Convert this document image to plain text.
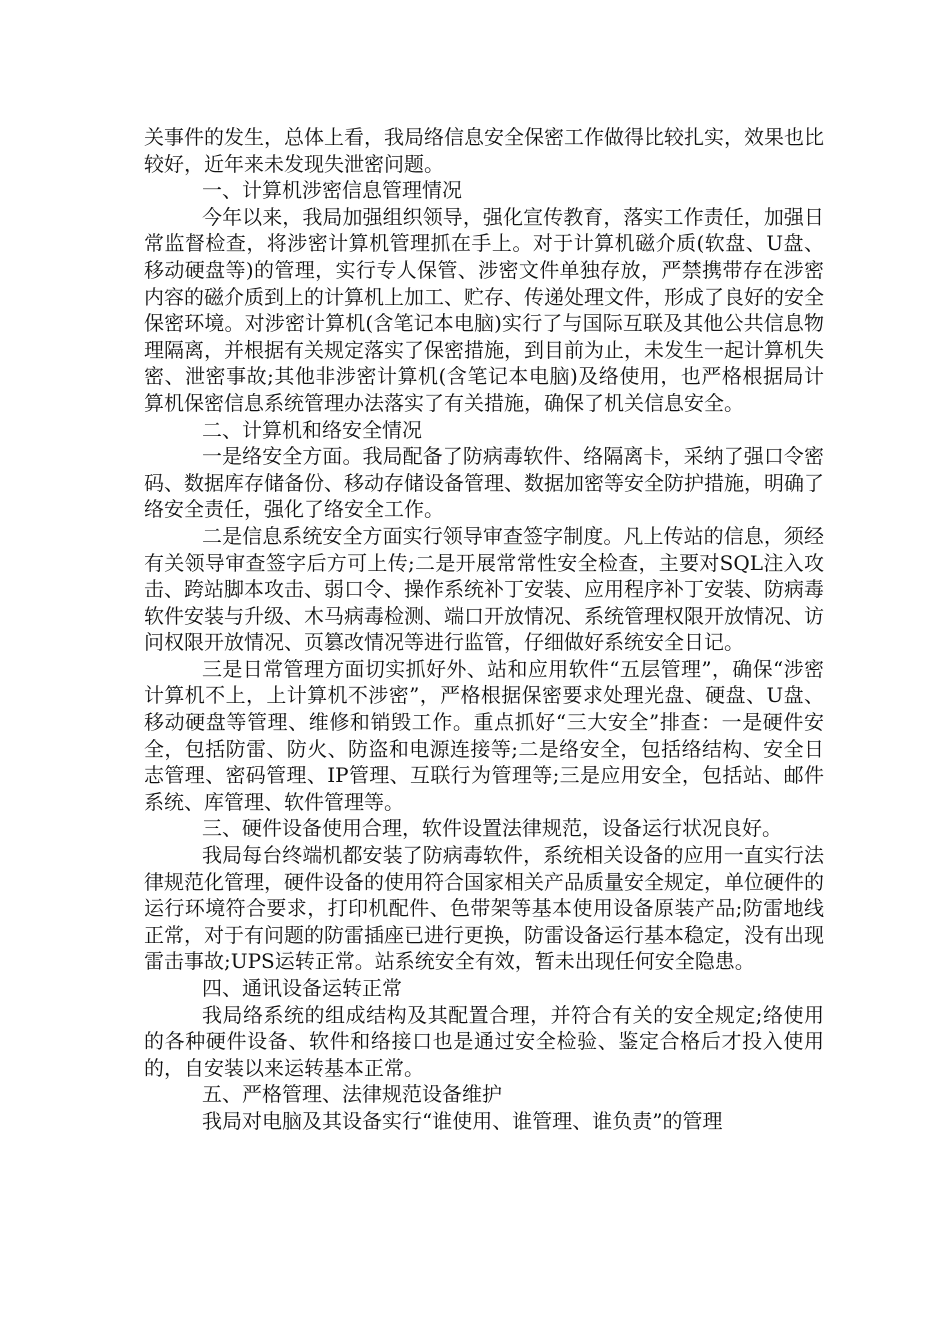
关事件的发生，总体上看，我局络信息安全保密工作做得比较扎实，效果也比较好，近年来未发现失泄密问题。

一、计算机涉密信息管理情况

今年以来，我局加强组织领导，强化宣传教育，落实工作责任，加强日常监督检查，将涉密计算机管理抓在手上。对于计算机磁介质(软盘、U盘、移动硬盘等)的管理，实行专人保管、涉密文件单独存放，严禁携带存在涉密内容的磁介质到上的计算机上加工、贮存、传递处理文件，形成了良好的安全保密环境。对涉密计算机(含笔记本电脑)实行了与国际互联及其他公共信息物理隔离，并根据有关规定落实了保密措施，到目前为止，未发生一起计算机失密、泄密事故;其他非涉密计算机(含笔记本电脑)及络使用，也严格根据局计算机保密信息系统管理办法落实了有关措施，确保了机关信息安全。

二、计算机和络安全情况

一是络安全方面。我局配备了防病毒软件、络隔离卡，采纳了强口令密码、数据库存储备份、移动存储设备管理、数据加密等安全防护措施，明确了络安全责任，强化了络安全工作。

二是信息系统安全方面实行领导审查签字制度。凡上传站的信息，须经有关领导审查签字后方可上传;二是开展常常性安全检查，主要对SQL注入攻击、跨站脚本攻击、弱口令、操作系统补丁安装、应用程序补丁安装、防病毒软件安装与升级、木马病毒检测、端口开放情况、系统管理权限开放情况、访问权限开放情况、页篡改情况等进行监管，仔细做好系统安全日记。

三是日常管理方面切实抓好外、站和应用软件“五层管理”，确保“涉密计算机不上，上计算机不涉密”，严格根据保密要求处理光盘、硬盘、U盘、移动硬盘等管理、维修和销毁工作。重点抓好“三大安全”排查：一是硬件安全，包括防雷、防火、防盗和电源连接等;二是络安全，包括络结构、安全日志管理、密码管理、IP管理、互联行为管理等;三是应用安全，包括站、邮件系统、库管理、软件管理等。

三、硬件设备使用合理，软件设置法律规范，设备运行状况良好。

我局每台终端机都安装了防病毒软件，系统相关设备的应用一直实行法律规范化管理，硬件设备的使用符合国家相关产品质量安全规定，单位硬件的运行环境符合要求，打印机配件、色带架等基本使用设备原装产品;防雷地线正常，对于有问题的防雷插座已进行更换，防雷设备运行基本稳定，没有出现雷击事故;UPS运转正常。站系统安全有效，暂未出现任何安全隐患。

四、通讯设备运转正常

我局络系统的组成结构及其配置合理，并符合有关的安全规定;络使用的各种硬件设备、软件和络接口也是通过安全检验、鉴定合格后才投入使用的，自安装以来运转基本正常。

五、严格管理、法律规范设备维护

我局对电脑及其设备实行“谁使用、谁管理、谁负责”的管理
